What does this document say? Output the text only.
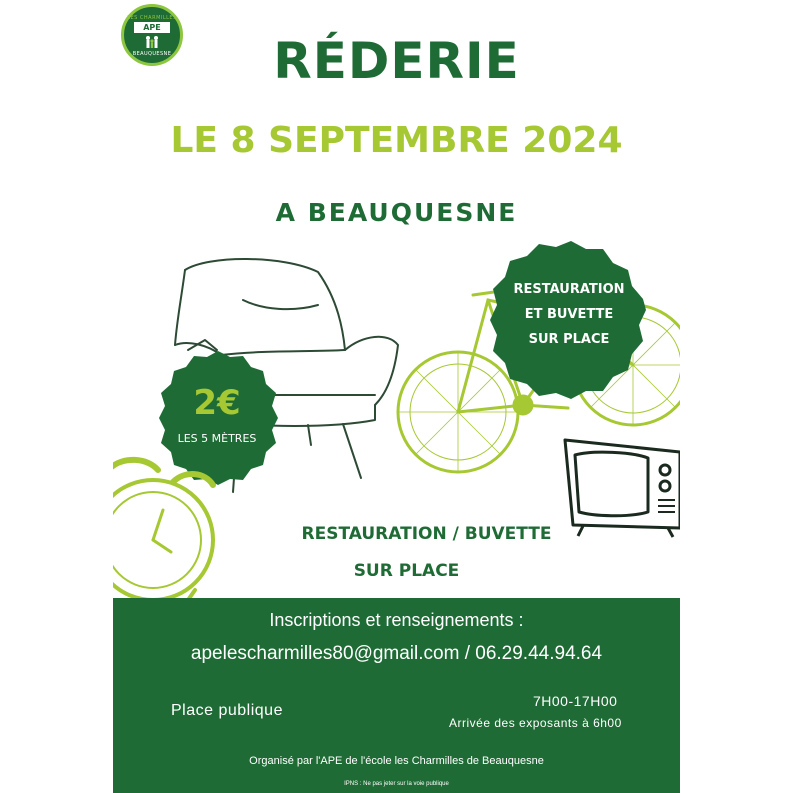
LES CHARMILLES
APE
BEAUQUESNE	RÉDERIE
LE 8 SEPTEMBRE 2024
A BEAUQUESNE
RESTAURATION
ET BUVETTE
SUR PLACE
2€
LES 5 MÈTRES
RESTAURATION / BUVETTE
SUR PLACE
Inscriptions et renseignements :
apelescharmilles80@gmail.com / 06.29.44.94.64
Place publique
7H00-17H00
Arrivée des exposants à 6h00
Organisé par l'APE de l'école les Charmilles de Beauquesne
IPNS : Ne pas jeter sur la voie publique
